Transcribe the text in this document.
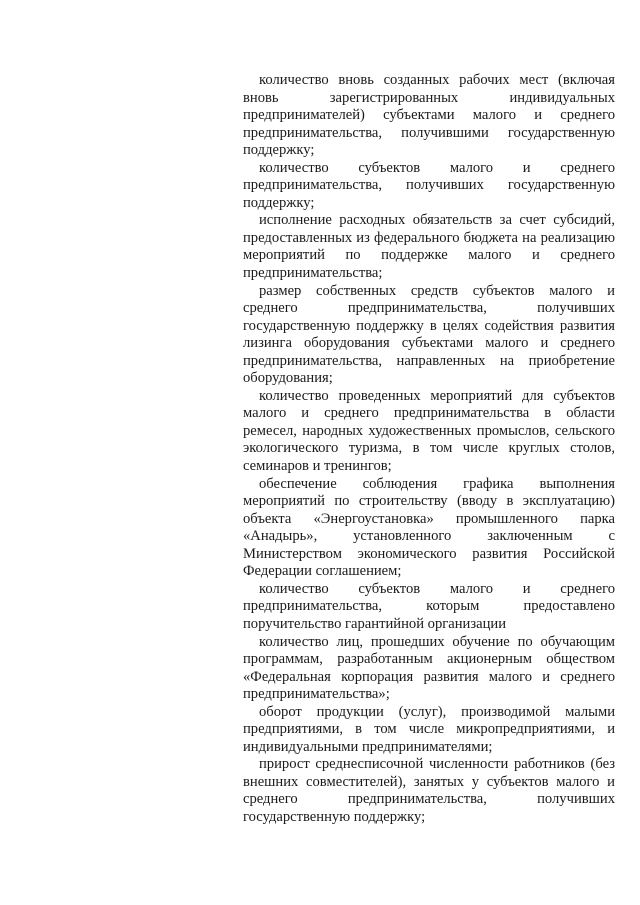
количество вновь созданных рабочих мест (включая вновь зарегистрированных индивидуальных предпринимателей) субъектами малого и среднего предпринимательства, получившими государственную поддержку;

количество субъектов малого и среднего предпринимательства, получивших государственную поддержку;

исполнение расходных обязательств за счет субсидий, предоставленных из федерального бюджета на реализацию мероприятий по поддержке малого и среднего предпринимательства;

размер собственных средств субъектов малого и среднего предпринимательства, получивших государственную поддержку в целях содействия развития лизинга оборудования субъектами малого и среднего предпринимательства, направленных на приобретение оборудования;

количество проведенных мероприятий для субъектов малого и среднего предпринимательства в области ремесел, народных художественных промыслов, сельского экологического туризма, в том числе круглых столов, семинаров и тренингов;

обеспечение соблюдения графика выполнения мероприятий по строительству (вводу в эксплуатацию) объекта «Энергоустановка» промышленного парка «Анадырь», установленного заключенным с Министерством экономического развития Российской Федерации соглашением;

количество субъектов малого и среднего предпринимательства, которым предоставлено поручительство гарантийной организации

количество лиц, прошедших обучение по обучающим программам, разработанным акционерным обществом «Федеральная корпорация развития малого и среднего предпринимательства»;

оборот продукции (услуг), производимой малыми предприятиями, в том числе микропредприятиями, и индивидуальными предпринимателями;

прирост среднесписочной численности работников (без внешних совместителей), занятых у субъектов малого и среднего предпринимательства, получивших государственную поддержку;
